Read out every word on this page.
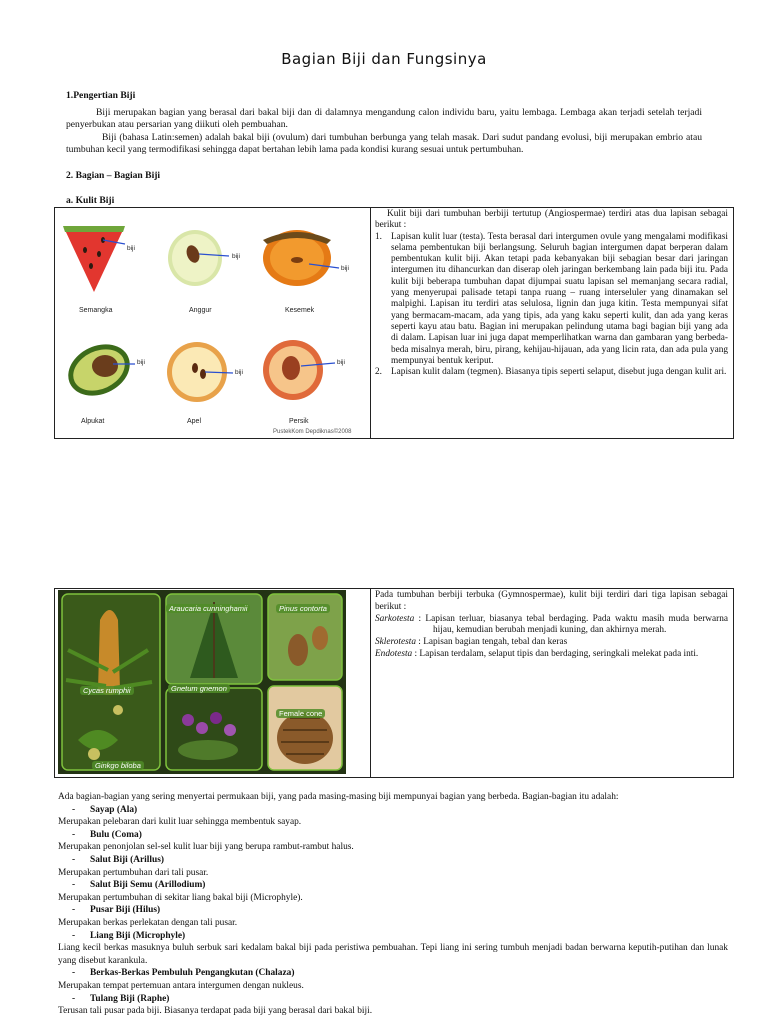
Bagian Biji dan Fungsinya
1.Pengertian Biji
Biji merupakan bagian yang berasal dari bakal biji dan di dalamnya mengandung calon individu baru, yaitu lembaga. Lembaga akan terjadi setelah terjadi penyerbukan atau persarian yang diikuti oleh pembuahan.
Biji (bahasa Latin:semen) adalah bakal biji (ovulum) dari tumbuhan berbunga yang telah masak. Dari sudut pandang evolusi, biji merupakan embrio atau tumbuhan kecil yang termodifikasi sehingga dapat bertahan lebih lama pada kondisi kurang sesuai untuk pertumbuhan.
2. Bagian – Bagian Biji
a. Kulit Biji
biji
biji
biji
biji
biji
biji
Semangka	Anggur	Kesemek
Alpukat	Apel	Persik
PustekKom Depdiknas©2008
Kulit biji dari tumbuhan berbiji tertutup (Angiospermae) terdiri atas dua lapisan sebagai berikut :
1. Lapisan kulit luar (testa). Testa berasal dari intergumen ovule yang mengalami modifikasi selama pembentukan biji berlangsung. Seluruh bagian intergumen dapat berperan dalam pembentukan kulit biji. Akan tetapi pada kebanyakan biji sebagian besar dari jaringan intergumen itu dihancurkan dan diserap oleh jaringan berkembang lain pada biji itu. Pada kulit biji beberapa tumbuhan dapat dijumpai suatu lapisan sel memanjang secara radial, yang menyerupai palisade tetapi tanpa ruang – ruang interseluler yang dinamakan sel malpighi. Lapisan itu terdiri atas selulosa, lignin dan juga kitin. Testa mempunyai sifat yang bermacam-macam, ada yang tipis, ada yang kaku seperti kulit, dan ada yang keras seperti kayu atau batu. Bagian ini merupakan pelindung utama bagi bagian biji yang ada di dalam. Lapisan luar ini juga dapat memperlihatkan warna dan gambaran yang berbeda-beda misalnya merah, biru, pirang, kehijau-hijauan, ada yang licin rata, dan ada pula yang mempunyai bentuk keriput.
2. Lapisan kulit dalam (tegmen). Biasanya tipis seperti selaput, disebut juga dengan kulit ari.
Araucaria cunninghamii	Pinus contorta
Cycas rumphii	Gnetum gnemon
Female cone
Ginkgo biloba
Pada tumbuhan berbiji terbuka (Gymnospermae), kulit biji terdiri dari tiga lapisan sebagai berikut :
Sarkotesta : Lapisan terluar, biasanya tebal berdaging. Pada waktu masih muda berwarna hijau, kemudian berubah menjadi kuning, dan akhirnya merah.
Sklerotesta : Lapisan bagian tengah, tebal dan keras
Endotesta : Lapisan terdalam, selaput tipis dan berdaging, seringkali melekat pada inti.
Ada bagian-bagian yang sering menyertai permukaan biji, yang pada masing-masing biji mempunyai bagian yang berbeda. Bagian-bagian itu adalah:
- Sayap (Ala)
Merupakan pelebaran dari kulit luar sehingga membentuk sayap.
- Bulu (Coma)
Merupakan penonjolan sel-sel kulit luar biji yang berupa rambut-rambut halus.
- Salut Biji (Arillus)
Merupakan pertumbuhan dari tali pusar.
- Salut Biji Semu (Arillodium)
Merupakan pertumbuhan di sekitar liang bakal biji (Microphyle).
- Pusar Biji (Hilus)
Merupakan berkas perlekatan dengan tali pusar.
- Liang Biji (Microphyle)
Liang kecil berkas masuknya buluh serbuk sari kedalam bakal biji pada peristiwa pembuahan. Tepi liang ini sering tumbuh menjadi badan berwarna keputih-putihan dan lunak yang disebut karankula.
- Berkas-Berkas Pembuluh Pengangkutan (Chalaza)
Merupakan tempat pertemuan antara intergumen dengan nukleus.
- Tulang Biji (Raphe)
Terusan tali pusar pada biji. Biasanya terdapat pada biji yang berasal dari bakal biji.
